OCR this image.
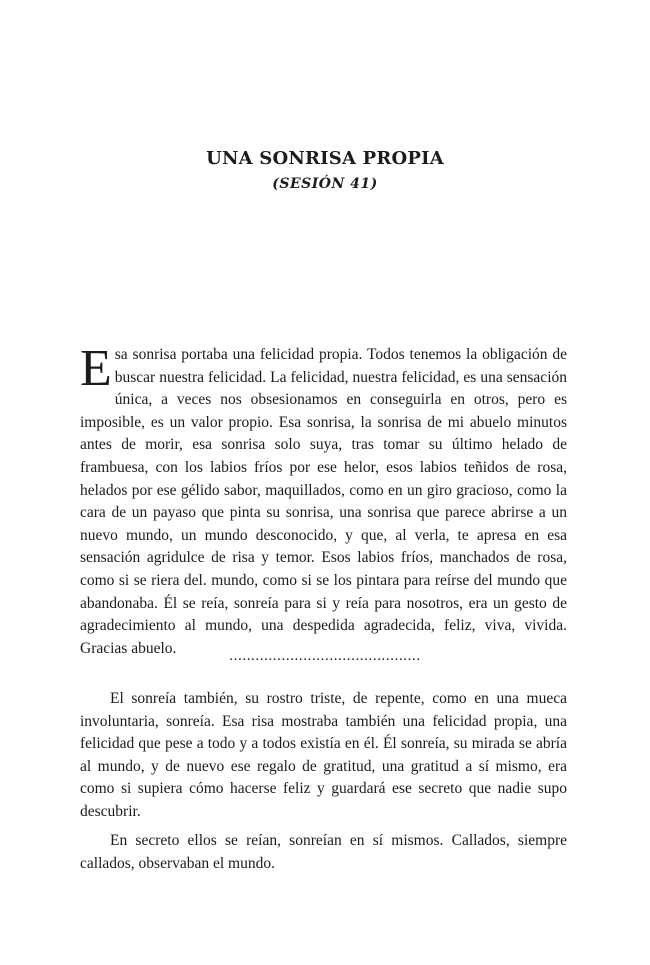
UNA SONRISA PROPIA
(SESIÓN 41)

Esa sonrisa portaba una felicidad propia. Todos tenemos la obligación de buscar nuestra felicidad. La felicidad, nuestra felicidad, es una sensación única, a veces nos obsesionamos en conseguirla en otros, pero es imposible, es un valor propio. Esa sonrisa, la sonrisa de mi abuelo minutos antes de morir, esa sonrisa solo suya, tras tomar su último helado de frambuesa, con los labios fríos por ese helor, esos labios teñidos de rosa, helados por ese gélido sabor, maquillados, como en un giro gracioso, como la cara de un payaso que pinta su sonrisa, una sonrisa que parece abrirse a un nuevo mundo, un mundo desconocido, y que, al verla, te apresa en esa sensación agridulce de risa y temor. Esos labios fríos, manchados de rosa, como si se riera del. mundo, como si se los pintara para reírse del mundo que abandonaba. Él se reía, sonreía para si y reía para nosotros, era un gesto de agradecimiento al mundo, una despedida agradecida, feliz, viva, vivida. Gracias abuelo.	............................................

El sonreía también, su rostro triste, de repente, como en una mueca involuntaria, sonreía. Esa risa mostraba también una felicidad propia, una felicidad que pese a todo y a todos existía en él. Él sonreía, su mirada se abría al mundo, y de nuevo ese regalo de gratitud, una gratitud a sí mismo, era como si supiera cómo hacerse feliz y guardará ese secreto que nadie supo descubrir.

En secreto ellos se reían, sonreían en sí mismos. Callados, siempre callados, observaban el mundo.
